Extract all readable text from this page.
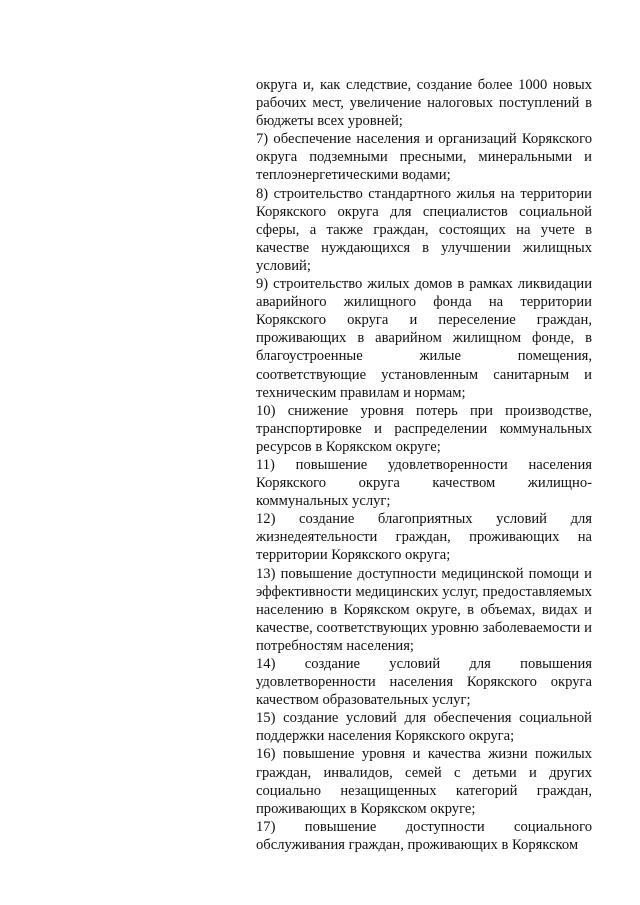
округа и, как следствие, создание более 1000 новых рабочих мест, увеличение налоговых поступлений в бюджеты всех уровней;

7) обеспечение населения и организаций Корякского округа подземными пресными, минеральными и теплоэнергетическими водами;

8) строительство стандартного жилья на территории Корякского округа для специалистов социальной сферы, а также граждан, состоящих на учете в качестве нуждающихся в улучшении жилищных условий;

9) строительство жилых домов в рамках ликвидации аварийного жилищного фонда на территории Корякского округа и переселение граждан, проживающих в аварийном жилищном фонде, в благоустроенные жилые помещения, соответствующие установленным санитарным и техническим правилам и нормам;

10) снижение уровня потерь при производстве, транспортировке и распределении коммунальных ресурсов в Корякском округе;

11) повышение удовлетворенности населения Корякского округа качеством жилищно-коммунальных услуг;

12) создание благоприятных условий для жизнедеятельности граждан, проживающих на территории Корякского округа;

13) повышение доступности медицинской помощи и эффективности медицинских услуг, предоставляемых населению в Корякском округе, в объемах, видах и качестве, соответствующих уровню заболеваемости и потребностям населения;

14) создание условий для повышения удовлетворенности населения Корякского округа качеством образовательных услуг;

15) создание условий для обеспечения социальной поддержки населения Корякского округа;

16) повышение уровня и качества жизни пожилых граждан, инвалидов, семей с детьми и других социально незащищенных категорий граждан, проживающих в Корякском округе;

17) повышение доступности социального обслуживания граждан, проживающих в Корякском
